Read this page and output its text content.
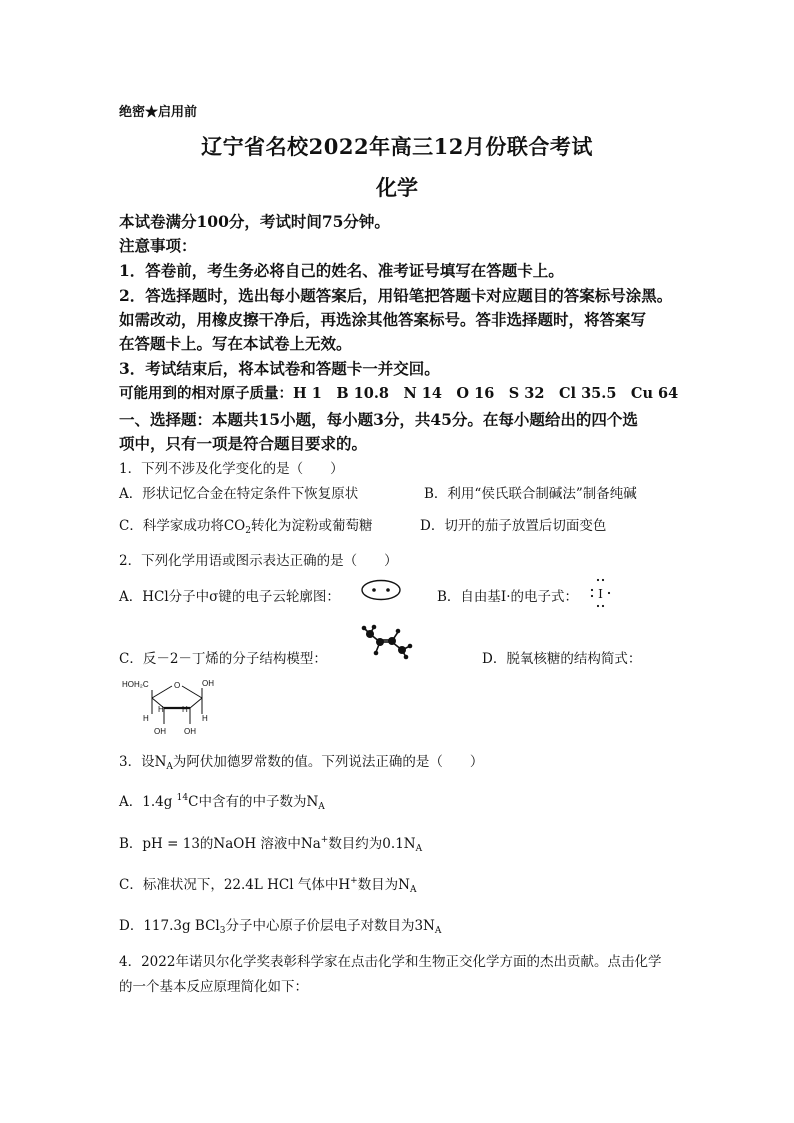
绝密★启用前
辽宁省名校2022年高三12月份联合考试
化学
本试卷满分100分，考试时间75分钟。
注意事项：
1．答卷前，考生务必将自己的姓名、准考证号填写在答题卡上。
2．答选择题时，选出每小题答案后，用铅笔把答题卡对应题目的答案标号涂黑。
如需改动，用橡皮擦干净后，再选涂其他答案标号。答非选择题时，将答案写
在答题卡上。写在本试卷上无效。
3．考试结束后，将本试卷和答题卡一并交回。
可能用到的相对原子质量：H 1　B 10.8　N 14　O 16　S 32　Cl 35.5　Cu 64
一、选择题：本题共15小题，每小题3分，共45分。在每小题给出的四个选
项中，只有一项是符合题目要求的。
1．下列不涉及化学变化的是（　　）
A．形状记忆合金在特定条件下恢复原状	B．利用“侯氏联合制碱法”制备纯碱
C．科学家成功将$CO_2$转化为淀粉或葡萄糖	D．切开的茄子放置后切面变色
2．下列化学用语或图示表达正确的是（　　）
A．HCl分子中σ键的电子云轮廓图：	B．自由基I·的电子式： I
C．反－2－丁烯的分子结构模型：	D．脱氧核糖的结构简式：
HOH₂C	O	OH
H
H H
H
OH OH
3．设$N_A$为阿伏加德罗常数的值。下列说法正确的是（　　）
A．1.4g $^{14}$C中含有的中子数为$N_A$
B．pH = 13的NaOH 溶液中Na+数目约为$0.1N_A$
C．标准状况下，22.4L HCl 气体中H+数目为$N_A$
D．117.3g BCl$_3$分子中心原子价层电子对数目为$3N_A$
4．2022年诺贝尔化学奖表彰科学家在点击化学和生物正交化学方面的杰出贡献。点击化学
的一个基本反应原理简化如下：
